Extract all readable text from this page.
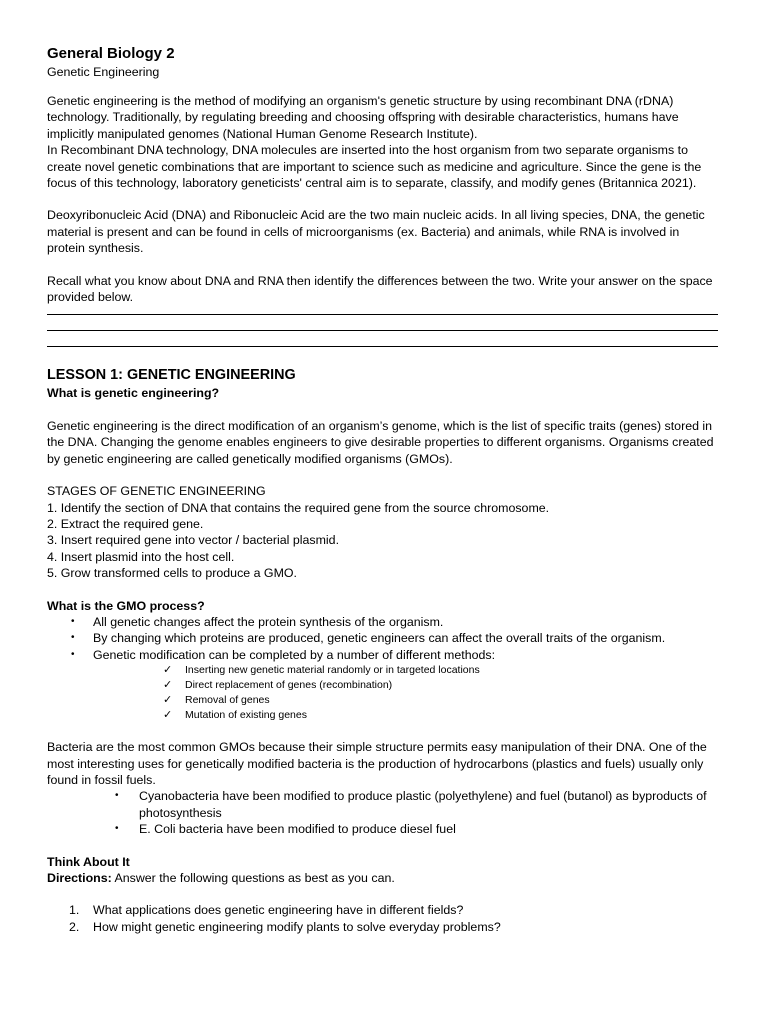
General Biology 2
Genetic Engineering

Genetic engineering is the method of modifying an organism's genetic structure by using recombinant DNA (rDNA) technology. Traditionally, by regulating breeding and choosing offspring with desirable characteristics, humans have implicitly manipulated genomes (National Human Genome Research Institute).

In Recombinant DNA technology, DNA molecules are inserted into the host organism from two separate organisms to create novel genetic combinations that are important to science such as medicine and agriculture. Since the gene is the focus of this technology, laboratory geneticists' central aim is to separate, classify, and modify genes (Britannica 2021).

Deoxyribonucleic Acid (DNA) and Ribonucleic Acid are the two main nucleic acids. In all living species, DNA, the genetic material is present and can be found in cells of microorganisms (ex. Bacteria) and animals, while RNA is involved in protein synthesis.

Recall what you know about DNA and RNA then identify the differences between the two. Write your answer on the space provided below.

LESSON 1: GENETIC ENGINEERING

What is genetic engineering?

Genetic engineering is the direct modification of an organism’s genome, which is the list of specific traits (genes) stored in the DNA. Changing the genome enables engineers to give desirable properties to different organisms. Organisms created by genetic engineering are called genetically modified organisms (GMOs).

STAGES OF GENETIC ENGINEERING

1. Identify the section of DNA that contains the required gene from the source chromosome.
2. Extract the required gene.
3. Insert required gene into vector / bacterial plasmid.
4. Insert plasmid into the host cell.
5. Grow transformed cells to produce a GMO.

What is the GMO process?

• All genetic changes affect the protein synthesis of the organism.
• By changing which proteins are produced, genetic engineers can affect the overall traits of the organism.
• Genetic modification can be completed by a number of different methods:
✓ Inserting new genetic material randomly or in targeted locations
✓ Direct replacement of genes (recombination)
✓ Removal of genes
✓ Mutation of existing genes

Bacteria are the most common GMOs because their simple structure permits easy manipulation of their DNA. One of the most interesting uses for genetically modified bacteria is the production of hydrocarbons (plastics and fuels) usually only found in fossil fuels.

• Cyanobacteria have been modified to produce plastic (polyethylene) and fuel (butanol) as byproducts of photosynthesis
• E. Coli bacteria have been modified to produce diesel fuel

Think About It

Directions: Answer the following questions as best as you can.

1. What applications does genetic engineering have in different fields?
2. How might genetic engineering modify plants to solve everyday problems?
